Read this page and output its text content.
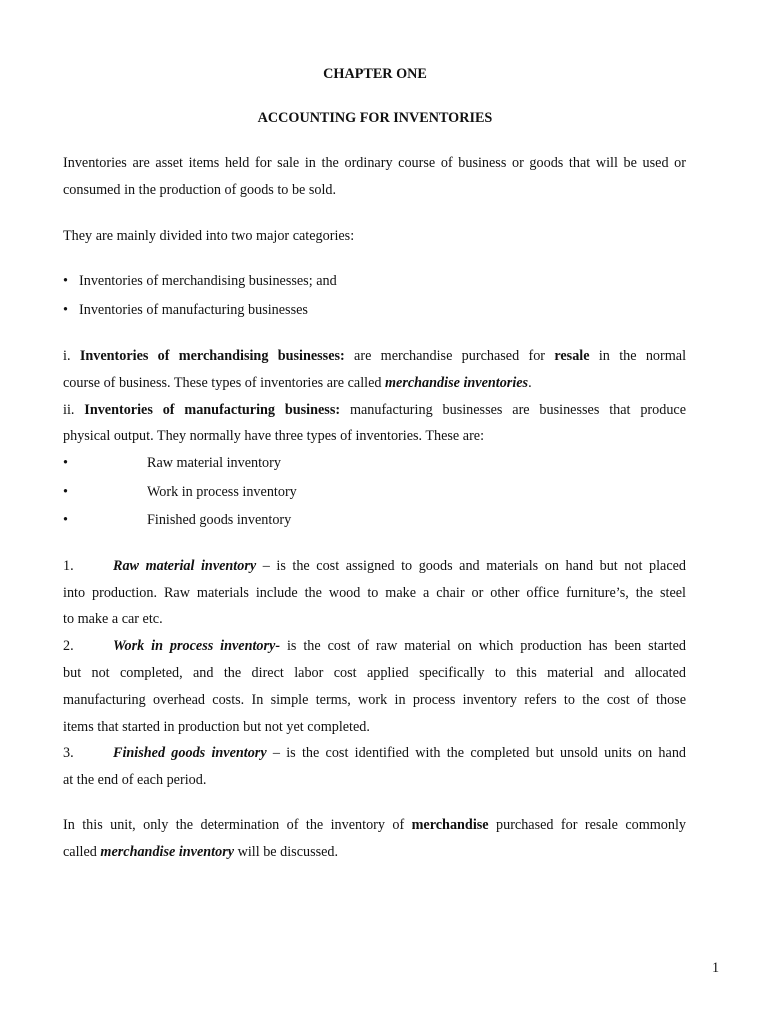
CHAPTER ONE
ACCOUNTING FOR INVENTORIES
Inventories are asset items held for sale in the ordinary course of business or goods that will be used or
consumed in the production of goods to be sold.
They are mainly divided into two major categories:
• Inventories of merchandising businesses; and
• Inventories of manufacturing businesses
i. Inventories of merchandising businesses: are merchandise purchased for resale in the normal
course of business. These types of inventories are called merchandise inventories.
ii. Inventories of manufacturing business: manufacturing businesses are businesses that produce
physical output. They normally have three types of inventories. These are:
•	Raw material inventory
•	Work in process inventory
•	Finished goods inventory
1.	Raw material inventory – is the cost assigned to goods and materials on hand but not placed
into production. Raw materials include the wood to make a chair or other office furniture’s, the steel
to make a car etc.
2.	Work in process inventory- is the cost of raw material on which production has been started
but not completed, and the direct labor cost applied specifically to this material and allocated
manufacturing overhead costs. In simple terms, work in process inventory refers to the cost of those
items that started in production but not yet completed.
3.	Finished goods inventory – is the cost identified with the completed but unsold units on hand
at the end of each period.
In this unit, only the determination of the inventory of merchandise purchased for resale commonly
called merchandise inventory will be discussed.
1
